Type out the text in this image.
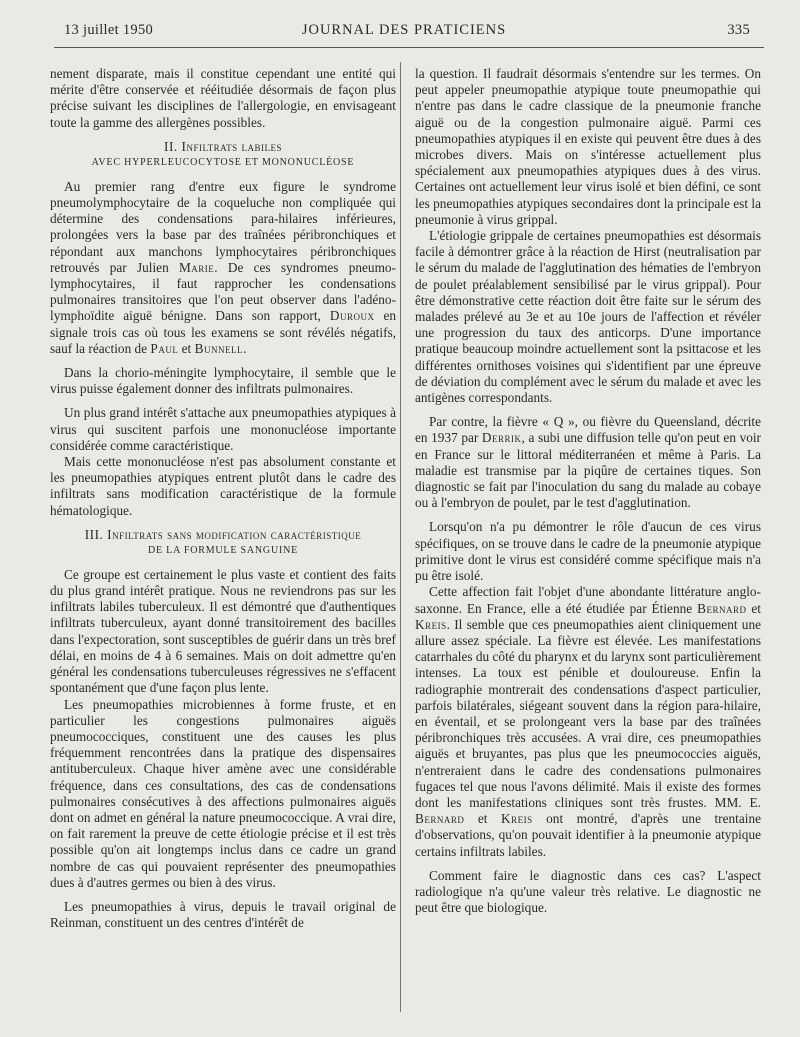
13 juillet 1950	JOURNAL DES PRATICIENS	335

nement disparate, mais il constitue cependant une entité qui mérite d'être conservée et rééitudiée désormais de façon plus précise suivant les disciplines de l'allergologie, en envisageant toute la gamme des allergènes possibles.

II. Infiltrats labiles
AVEC HYPERLEUCOCYTOSE ET MONONUCLÉOSE

Au premier rang d'entre eux figure le syndrome pneumolymphocytaire de la coqueluche non compliquée qui détermine des condensations para-hilaires inférieures, prolongées vers la base par des traînées péribronchiques et répondant aux manchons lymphocytaires péribronchiques retrouvés par Julien Marie. De ces syndromes pneumo-lymphocytaires, il faut rapprocher les condensations pulmonaires transitoires que l'on peut observer dans l'adéno-lymphoïdite aiguë bénigne. Dans son rapport, Duroux en signale trois cas où tous les examens se sont révélés négatifs, sauf la réaction de Paul et Bunnell.

Dans la chorio-méningite lymphocytaire, il semble que le virus puisse également donner des infiltrats pulmonaires.

Un plus grand intérêt s'attache aux pneumopathies atypiques à virus qui suscitent parfois une mononucléose importante considérée comme caractéristique.

Mais cette mononucléose n'est pas absolument constante et les pneumopathies atypiques entrent plutôt dans le cadre des infiltrats sans modification caractéristique de la formule hématologique.

III. Infiltrats sans modification caractéristique
DE LA FORMULE SANGUINE

Ce groupe est certainement le plus vaste et contient des faits du plus grand intérêt pratique. Nous ne reviendrons pas sur les infiltrats labiles tuberculeux. Il est démontré que d'authentiques infiltrats tuberculeux, ayant donné transitoirement des bacilles dans l'expectoration, sont susceptibles de guérir dans un très bref délai, en moins de 4 à 6 semaines. Mais on doit admettre qu'en général les condensations tuberculeuses régressives ne s'effacent spontanément que d'une façon plus lente.

Les pneumopathies microbiennes à forme fruste, et en particulier les congestions pulmonaires aiguës pneumococciques, constituent une des causes les plus fréquemment rencontrées dans la pratique des dispensaires antituberculeux. Chaque hiver amène avec une considérable fréquence, dans ces consultations, des cas de condensations pulmonaires consécutives à des affections pulmonaires aiguës dont on admet en général la nature pneumococcique. A vrai dire, on fait rarement la preuve de cette étiologie précise et il est très possible qu'on ait longtemps inclus dans ce cadre un grand nombre de cas qui pouvaient représenter des pneumopathies dues à d'autres germes ou bien à des virus.

Les pneumopathies à virus, depuis le travail original de Reinman, constituent un des centres d'intérêt de

la question. Il faudrait désormais s'entendre sur les termes. On peut appeler pneumopathie atypique toute pneumopathie qui n'entre pas dans le cadre classique de la pneumonie franche aiguë ou de la congestion pulmonaire aiguë. Parmi ces pneumopathies atypiques il en existe qui peuvent être dues à des microbes divers. Mais on s'intéresse actuellement plus spécialement aux pneumopathies atypiques dues à des virus. Certaines ont actuellement leur virus isolé et bien défini, ce sont les pneumopathies atypiques secondaires dont la principale est la pneumonie à virus grippal.

L'étiologie grippale de certaines pneumopathies est désormais facile à démontrer grâce à la réaction de Hirst (neutralisation par le sérum du malade de l'agglutination des hématies de l'embryon de poulet préalablement sensibilisé par le virus grippal). Pour être démonstrative cette réaction doit être faite sur le sérum des malades prélevé au 3e et au 10e jours de l'affection et révéler une progression du taux des anticorps. D'une importance pratique beaucoup moindre actuellement sont la psittacose et les différentes ornithoses voisines qui s'identifient par une épreuve de déviation du complément avec le sérum du malade et avec les antigènes correspondants.

Par contre, la fièvre « Q », ou fièvre du Queensland, décrite en 1937 par Derrik, a subi une diffusion telle qu'on peut en voir en France sur le littoral méditerranéen et même à Paris. La maladie est transmise par la piqûre de certaines tiques. Son diagnostic se fait par l'inoculation du sang du malade au cobaye ou à l'embryon de poulet, par le test d'agglutination.

Lorsqu'on n'a pu démontrer le rôle d'aucun de ces virus spécifiques, on se trouve dans le cadre de la pneumonie atypique primitive dont le virus est considéré comme spécifique mais n'a pu être isolé.

Cette affection fait l'objet d'une abondante littérature anglo-saxonne. En France, elle a été étudiée par Étienne Bernard et Kreis. Il semble que ces pneumopathies aient cliniquement une allure assez spéciale. La fièvre est élevée. Les manifestations catarrhales du côté du pharynx et du larynx sont particulièrement intenses. La toux est pénible et douloureuse. Enfin la radiographie montrerait des condensations d'aspect particulier, parfois bilatérales, siégeant souvent dans la région para-hilaire, en éventail, et se prolongeant vers la base par des traînées péribronchiques très accusées. A vrai dire, ces pneumopathies aiguës et bruyantes, pas plus que les pneumococcies aiguës, n'entreraient dans le cadre des condensations pulmonaires fugaces tel que nous l'avons délimité. Mais il existe des formes dont les manifestations cliniques sont très frustes. MM. E. Bernard et Kreis ont montré, d'après une trentaine d'observations, qu'on pouvait identifier à la pneumonie atypique certains infiltrats labiles.

Comment faire le diagnostic dans ces cas? L'aspect radiologique n'a qu'une valeur très relative. Le diagnostic ne peut être que biologique.
